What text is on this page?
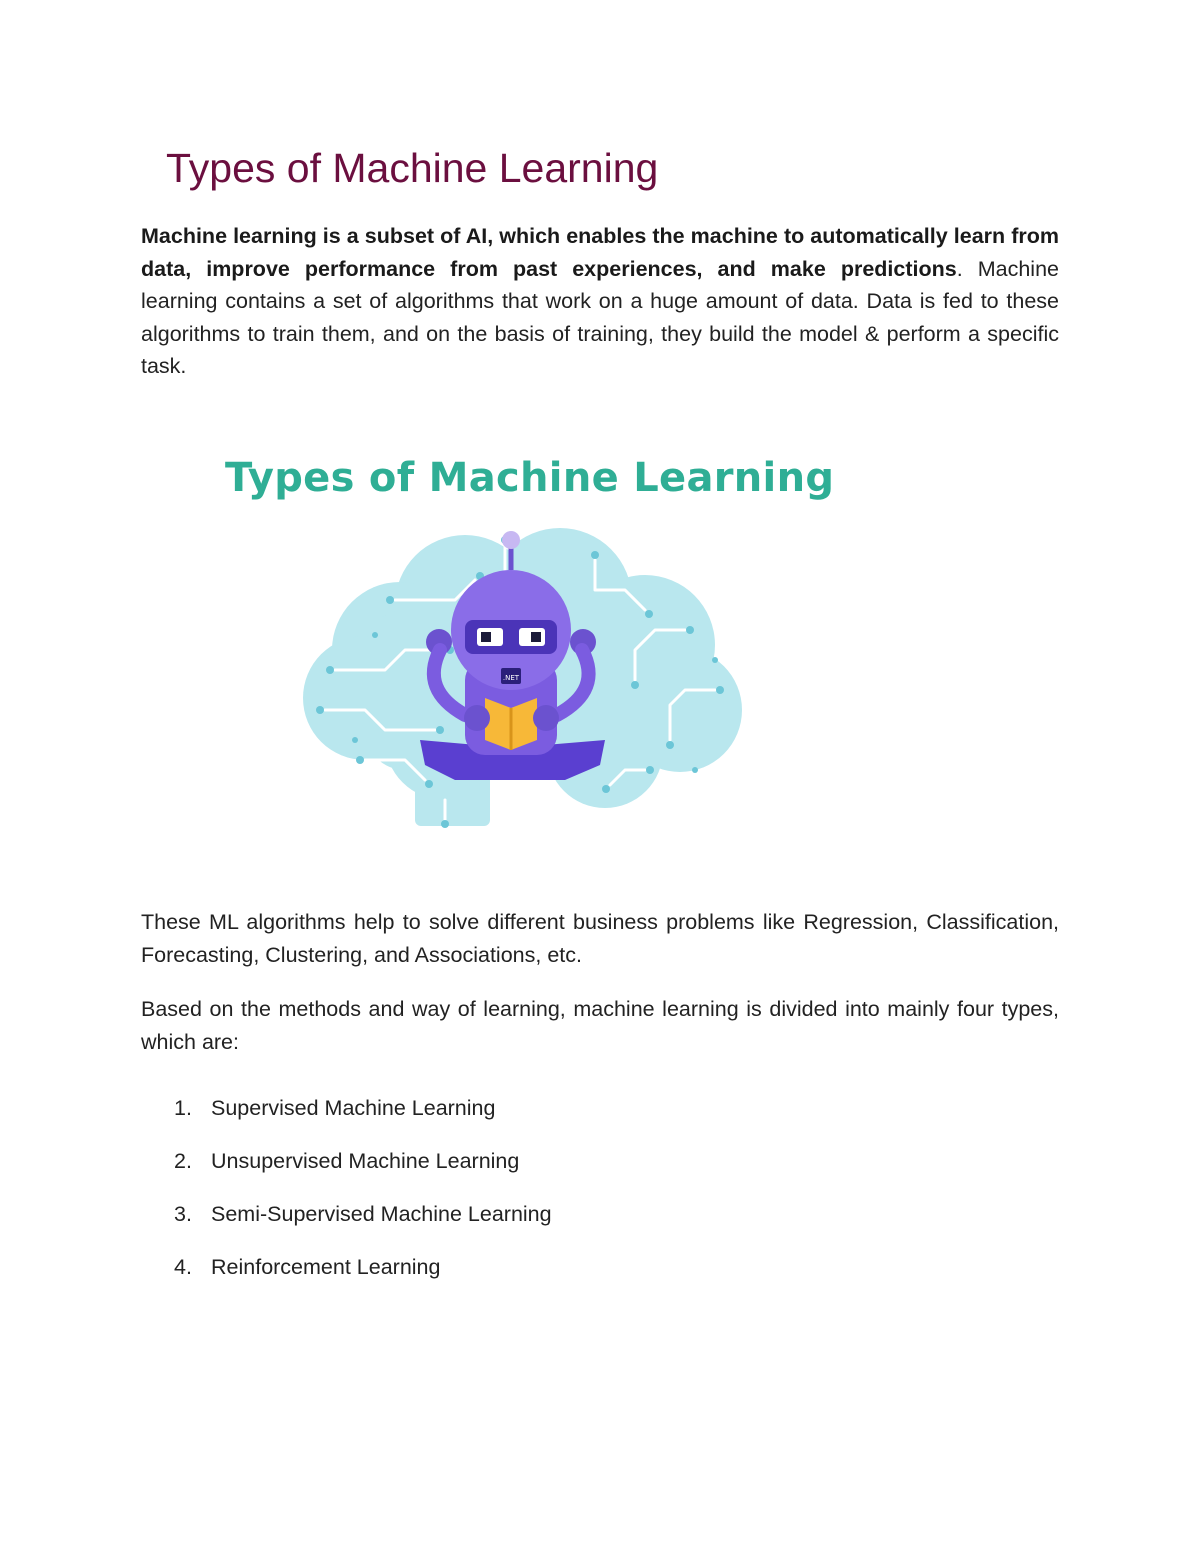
Types of Machine Learning

Machine learning is a subset of AI, which enables the machine to automatically learn from data, improve performance from past experiences, and make predictions. Machine learning contains a set of algorithms that work on a huge amount of data. Data is fed to these algorithms to train them, and on the basis of training, they build the model & perform a specific task.

.NET
Types of Machine Learning

These ML algorithms help to solve different business problems like Regression, Classification, Forecasting, Clustering, and Associations, etc.

Based on the methods and way of learning, machine learning is divided into mainly four types, which are:

1. Supervised Machine Learning
2. Unsupervised Machine Learning
3. Semi-Supervised Machine Learning
4. Reinforcement Learning
